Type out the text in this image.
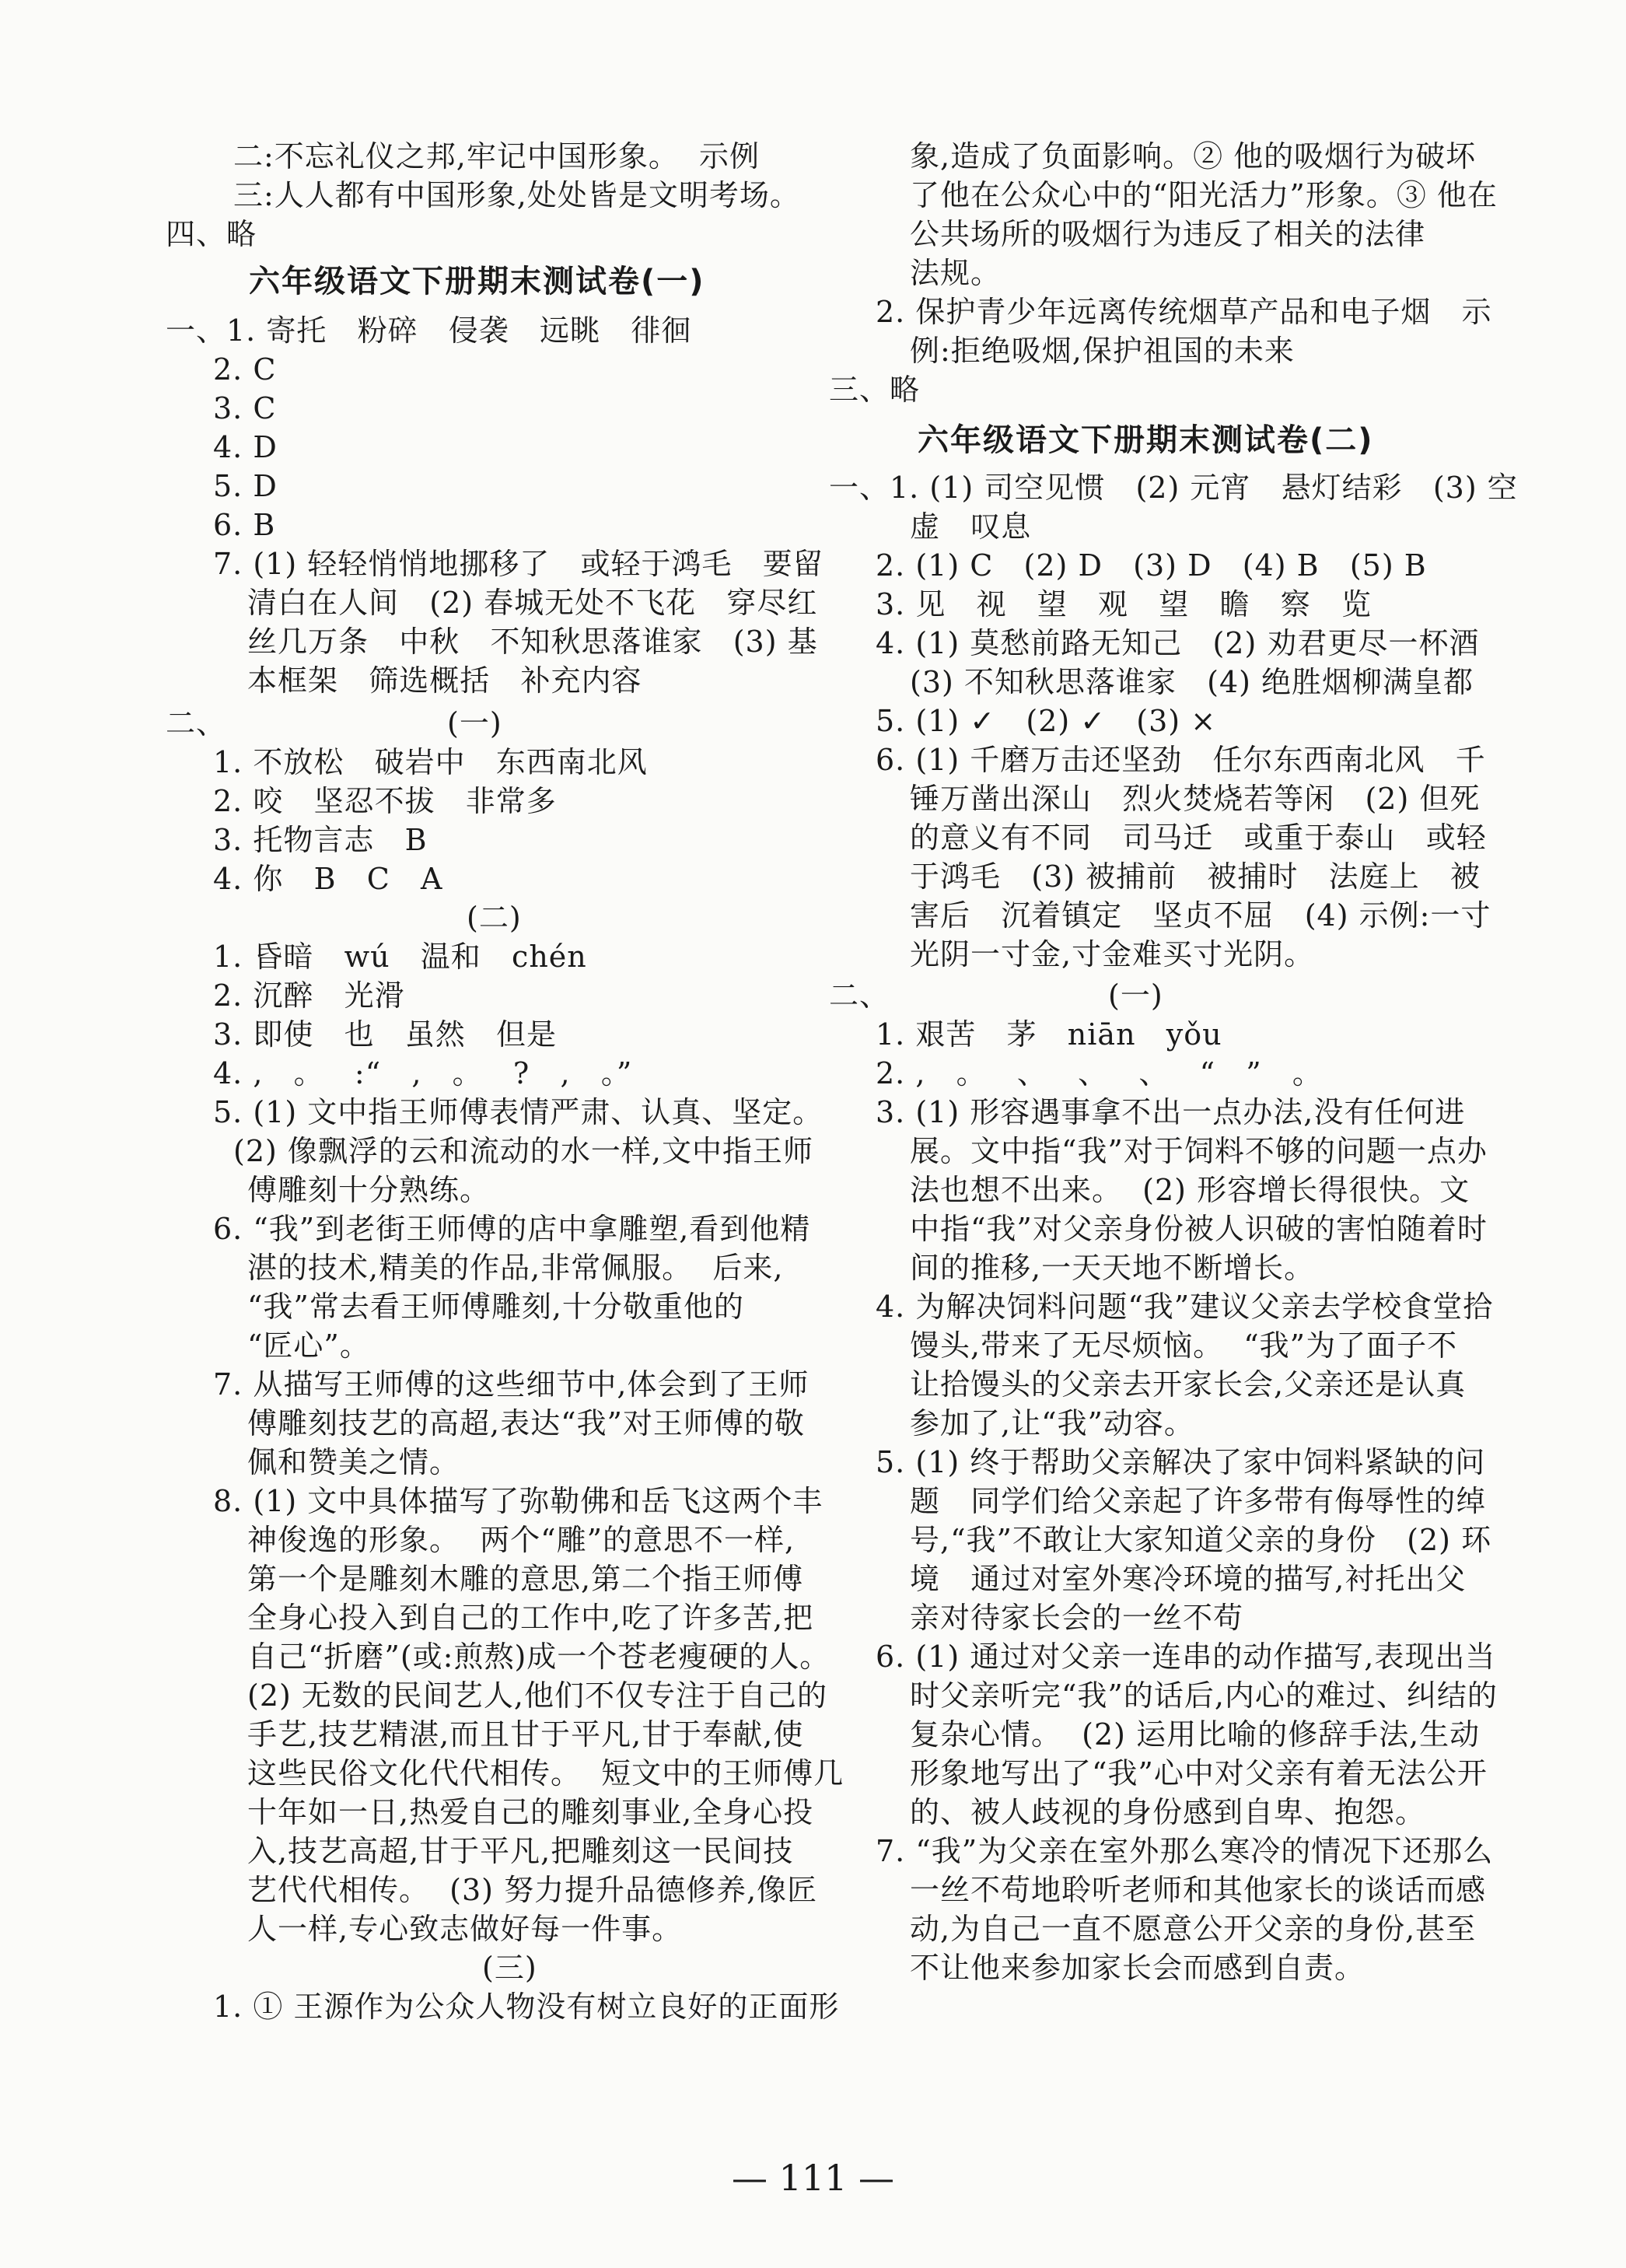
二:不忘礼仪之邦,牢记中国形象。  示例

三:人人都有中国形象,处处皆是文明考场。

四、略

六年级语文下册期末测试卷(一)

一、1. 寄托   粉碎   侵袭   远眺   徘徊

2. C

3. C

4. D

5. D

6. B

7. (1) 轻轻悄悄地挪移了   或轻于鸿毛   要留

清白在人间   (2) 春城无处不飞花   穿尽红

丝几万条   中秋   不知秋思落谁家   (3) 基

本框架   筛选概括   补充内容

二、	(一)

1. 不放松   破岩中   东西南北风

2. 咬   坚忍不拔   非常多

3. 托物言志   B

4. 你   B   C   A

(二)

1. 昏暗   wú   温和   chén

2. 沉醉   光滑

3. 即使   也   虽然   但是

4. ,   。   :“   ,   。   ?   ,   。”

5. (1) 文中指王师傅表情严肃、认真、坚定。

(2) 像飘浮的云和流动的水一样,文中指王师

傅雕刻十分熟练。

6. “我”到老街王师傅的店中拿雕塑,看到他精

湛的技术,精美的作品,非常佩服。  后来,

“我”常去看王师傅雕刻,十分敬重他的

“匠心”。

7. 从描写王师傅的这些细节中,体会到了王师

傅雕刻技艺的高超,表达“我”对王师傅的敬

佩和赞美之情。

8. (1) 文中具体描写了弥勒佛和岳飞这两个丰

神俊逸的形象。  两个“雕”的意思不一样,

第一个是雕刻木雕的意思,第二个指王师傅

全身心投入到自己的工作中,吃了许多苦,把

自己“折磨”(或:煎熬)成一个苍老瘦硬的人。

(2) 无数的民间艺人,他们不仅专注于自己的

手艺,技艺精湛,而且甘于平凡,甘于奉献,使

这些民俗文化代代相传。  短文中的王师傅几

十年如一日,热爱自己的雕刻事业,全身心投

入,技艺高超,甘于平凡,把雕刻这一民间技

艺代代相传。  (3) 努力提升品德修养,像匠

人一样,专心致志做好每一件事。

(三)

1. ① 王源作为公众人物没有树立良好的正面形

象,造成了负面影响。② 他的吸烟行为破坏

了他在公众心中的“阳光活力”形象。③ 他在

公共场所的吸烟行为违反了相关的法律

法规。

2. 保护青少年远离传统烟草产品和电子烟   示

例:拒绝吸烟,保护祖国的未来

三、略

六年级语文下册期末测试卷(二)

一、1. (1) 司空见惯   (2) 元宵   悬灯结彩   (3) 空

虚   叹息

2. (1) C   (2) D   (3) D   (4) B   (5) B

3. 见   视   望   观   望   瞻   察   览

4. (1) 莫愁前路无知己   (2) 劝君更尽一杯酒

(3) 不知秋思落谁家   (4) 绝胜烟柳满皇都

5. (1) ✓   (2) ✓   (3) ×

6. (1) 千磨万击还坚劲   任尔东西南北风   千

锤万凿出深山   烈火焚烧若等闲   (2) 但死

的意义有不同   司马迁   或重于泰山   或轻

于鸿毛   (3) 被捕前   被捕时   法庭上   被

害后   沉着镇定   坚贞不屈   (4) 示例:一寸

光阴一寸金,寸金难买寸光阴。

二、	(一)

1. 艰苦   茅   niān   yǒu

2. ,   。   、   、   、   “   ”   。

3. (1) 形容遇事拿不出一点办法,没有任何进

展。文中指“我”对于饲料不够的问题一点办

法也想不出来。  (2) 形容增长得很快。文

中指“我”对父亲身份被人识破的害怕随着时

间的推移,一天天地不断增长。

4. 为解决饲料问题“我”建议父亲去学校食堂拾

馒头,带来了无尽烦恼。  “我”为了面子不

让拾馒头的父亲去开家长会,父亲还是认真

参加了,让“我”动容。

5. (1) 终于帮助父亲解决了家中饲料紧缺的问

题   同学们给父亲起了许多带有侮辱性的绰

号,“我”不敢让大家知道父亲的身份   (2) 环

境   通过对室外寒冷环境的描写,衬托出父

亲对待家长会的一丝不苟

6. (1) 通过对父亲一连串的动作描写,表现出当

时父亲听完“我”的话后,内心的难过、纠结的

复杂心情。  (2) 运用比喻的修辞手法,生动

形象地写出了“我”心中对父亲有着无法公开

的、被人歧视的身份感到自卑、抱怨。

7. “我”为父亲在室外那么寒冷的情况下还那么

一丝不苟地聆听老师和其他家长的谈话而感

动,为自己一直不愿意公开父亲的身份,甚至

不让他来参加家长会而感到自责。

— 111 —
